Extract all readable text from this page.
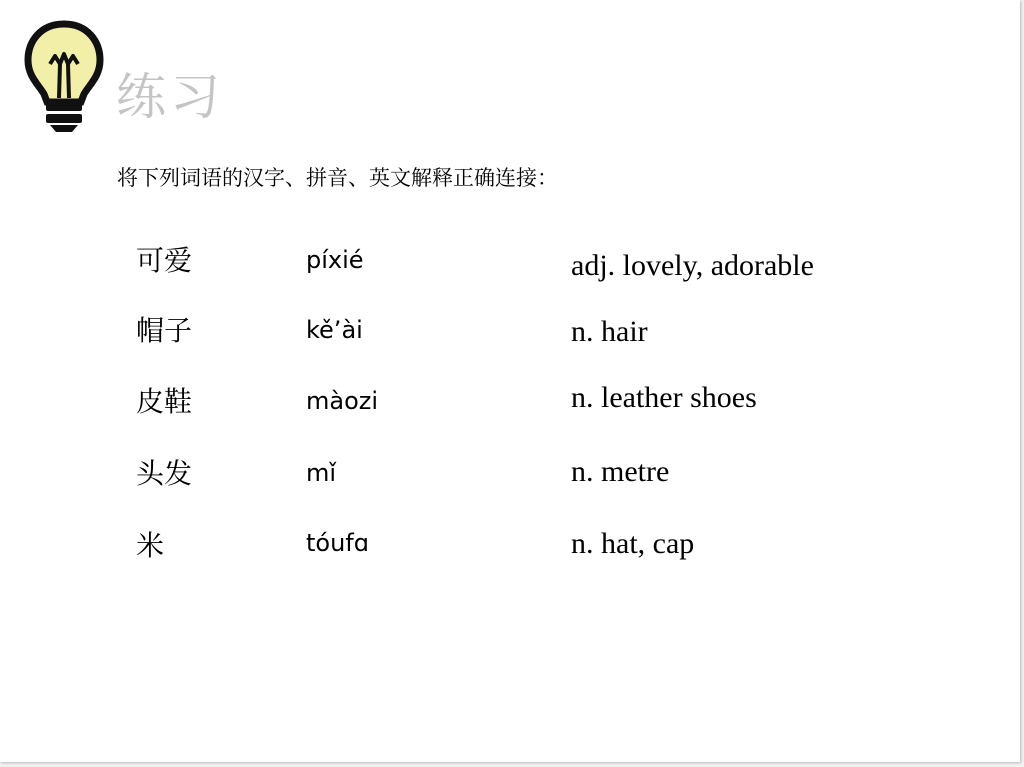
练习
将下列词语的汉字、拼音、英文解释正确连接：
可爱
帽子
皮鞋
头发
米
píxié
kě’ài
màozi
mǐ
tóufɑ
adj. lovely, adorable
n. hair
n. leather shoes
n. metre
n. hat, cap
